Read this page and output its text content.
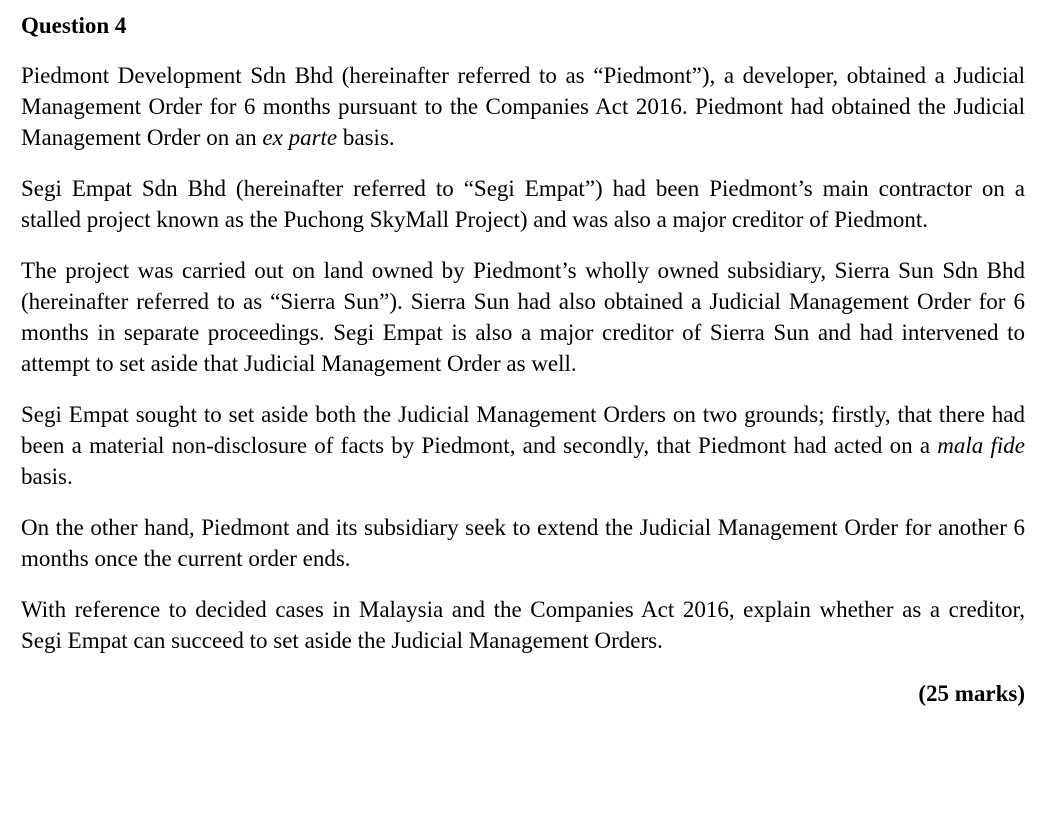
Question 4

Piedmont Development Sdn Bhd (hereinafter referred to as “Piedmont”), a developer, obtained a Judicial Management Order for 6 months pursuant to the Companies Act 2016. Piedmont had obtained the Judicial Management Order on an ex parte basis.

Segi Empat Sdn Bhd (hereinafter referred to “Segi Empat”) had been Piedmont’s main contractor on a stalled project known as the Puchong SkyMall Project) and was also a major creditor of Piedmont.

The project was carried out on land owned by Piedmont’s wholly owned subsidiary, Sierra Sun Sdn Bhd (hereinafter referred to as “Sierra Sun”). Sierra Sun had also obtained a Judicial Management Order for 6 months in separate proceedings. Segi Empat is also a major creditor of Sierra Sun and had intervened to attempt to set aside that Judicial Management Order as well.

Segi Empat sought to set aside both the Judicial Management Orders on two grounds; firstly, that there had been a material non-disclosure of facts by Piedmont, and secondly, that Piedmont had acted on a mala fide basis.

On the other hand, Piedmont and its subsidiary seek to extend the Judicial Management Order for another 6 months once the current order ends.

With reference to decided cases in Malaysia and the Companies Act 2016, explain whether as a creditor, Segi Empat can succeed to set aside the Judicial Management Orders.

(25 marks)
